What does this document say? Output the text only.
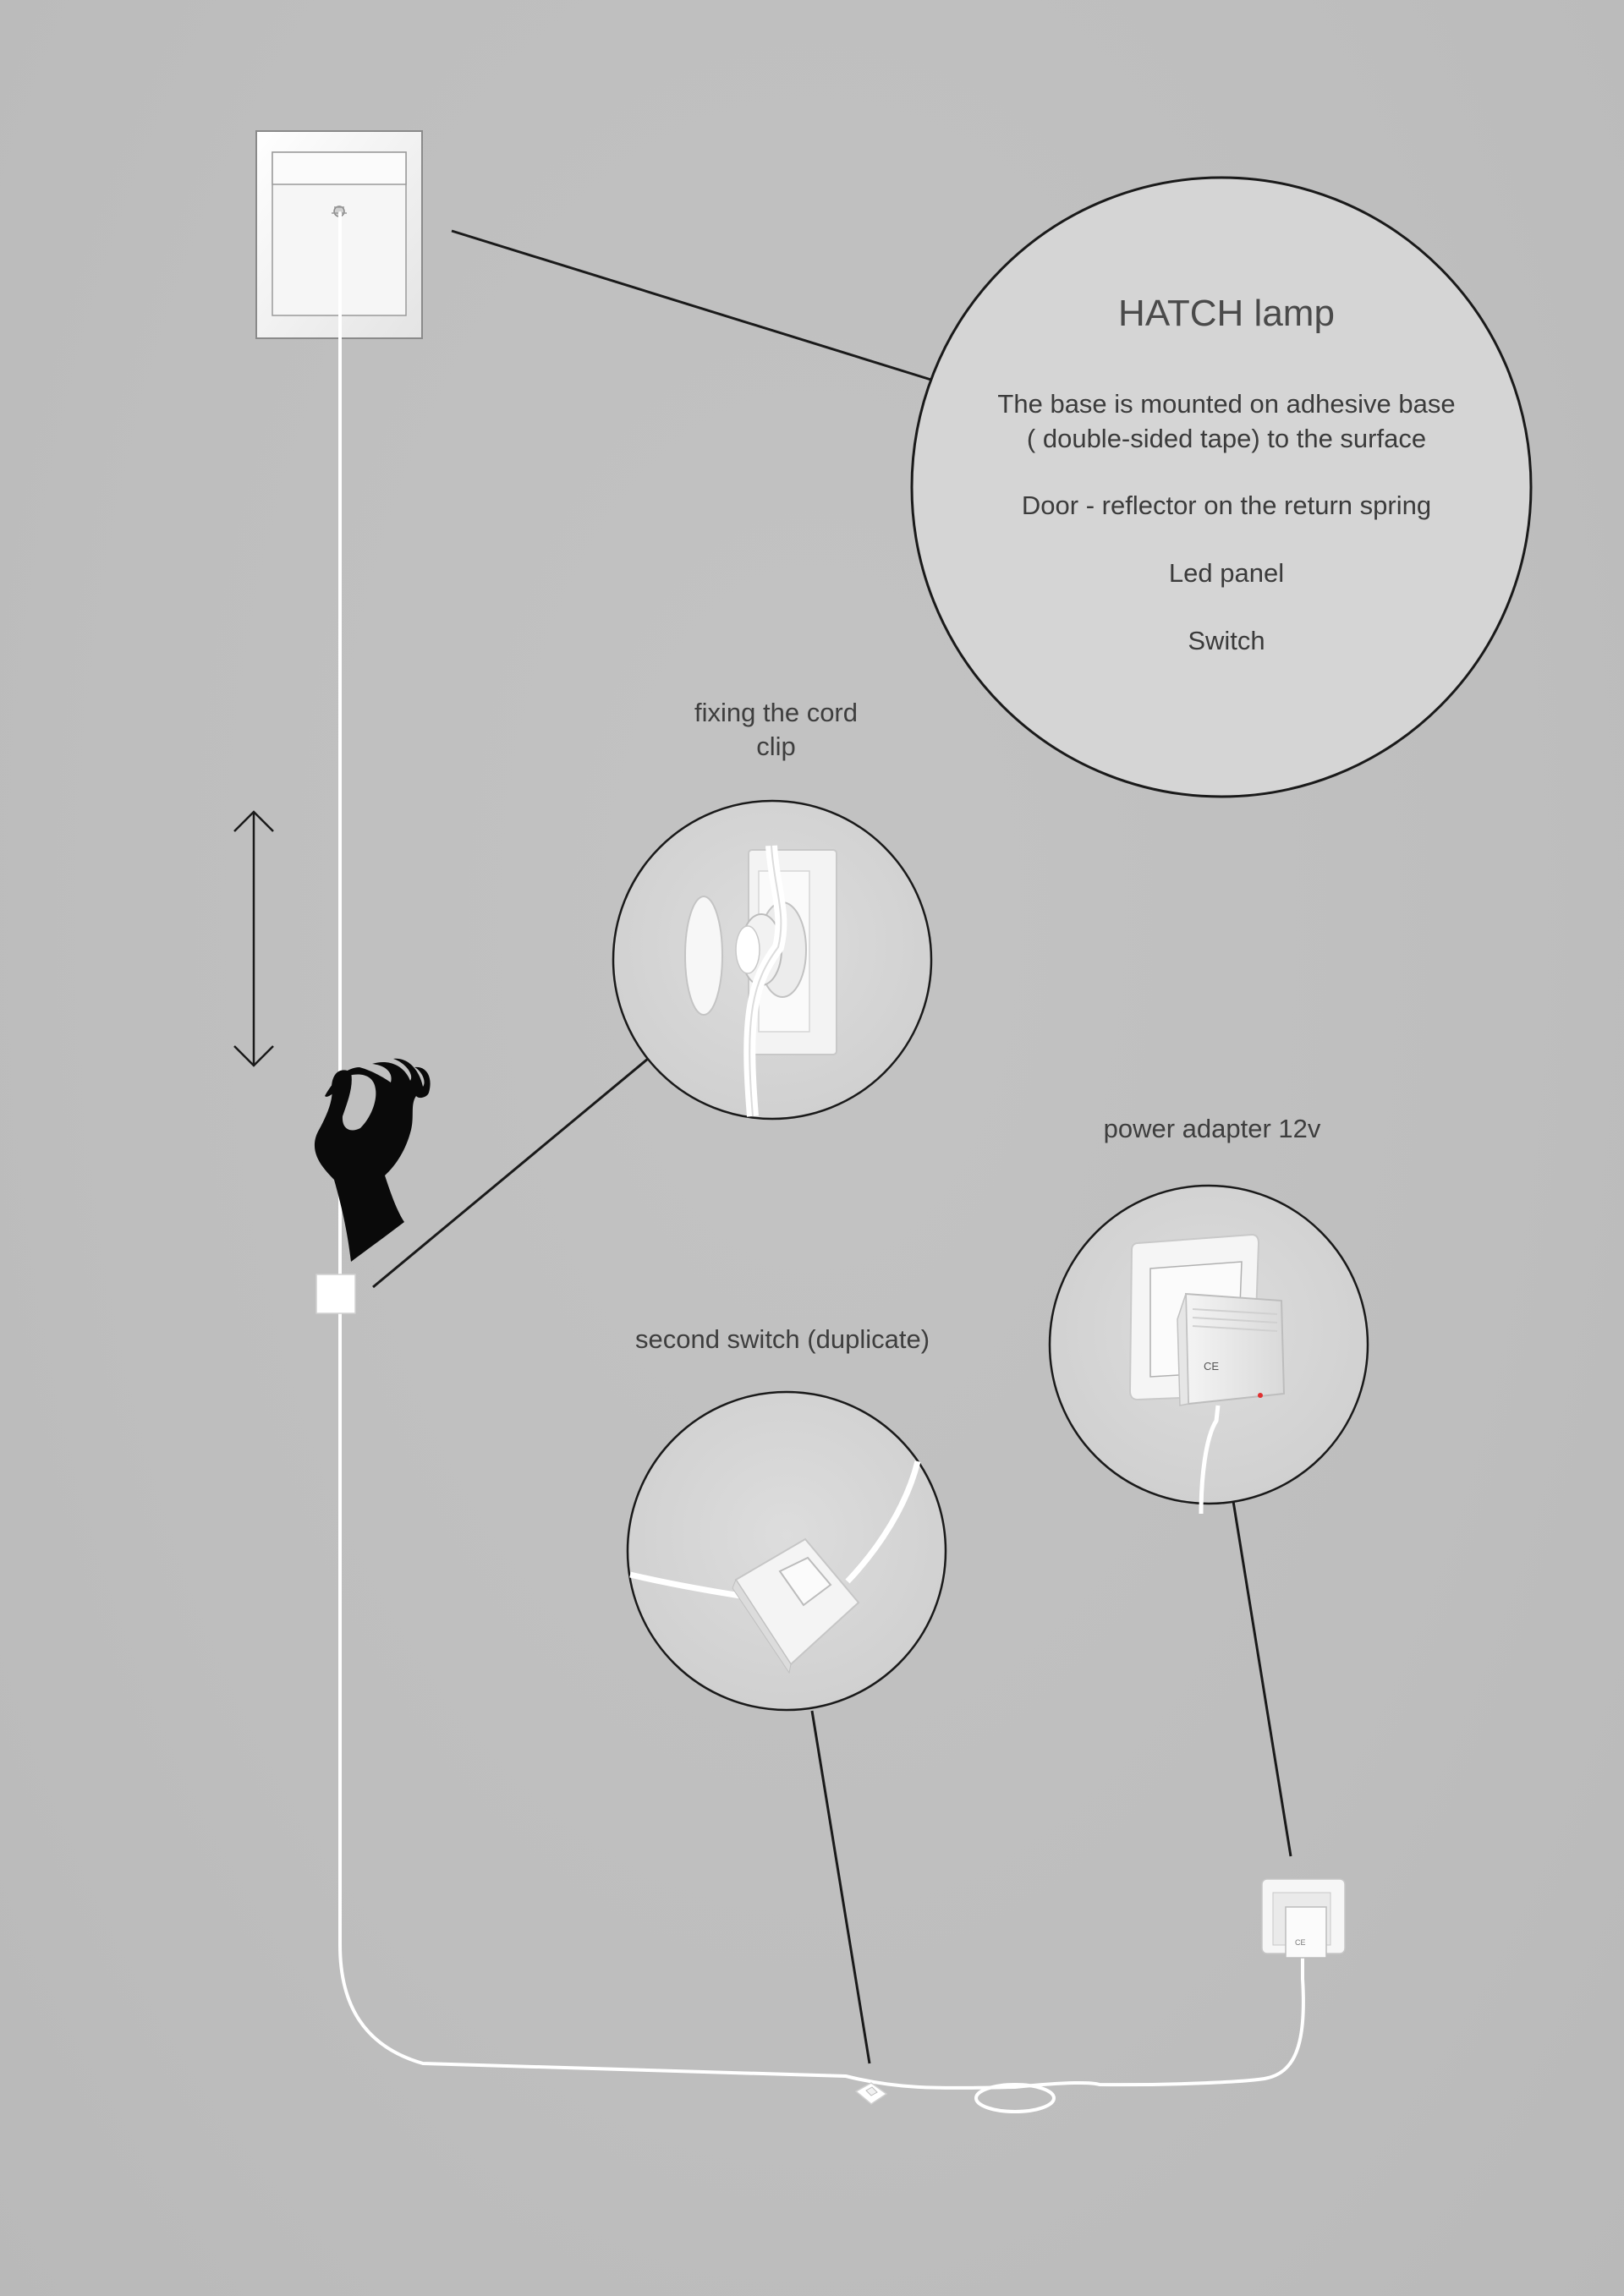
CE
CE
HATCH lamp
The base is mounted on adhesive base
( double-sided tape) to the surface
Door - reflector on the return spring
Led panel
Switch
fixing the cord
clip
power adapter 12v
second switch (duplicate)
